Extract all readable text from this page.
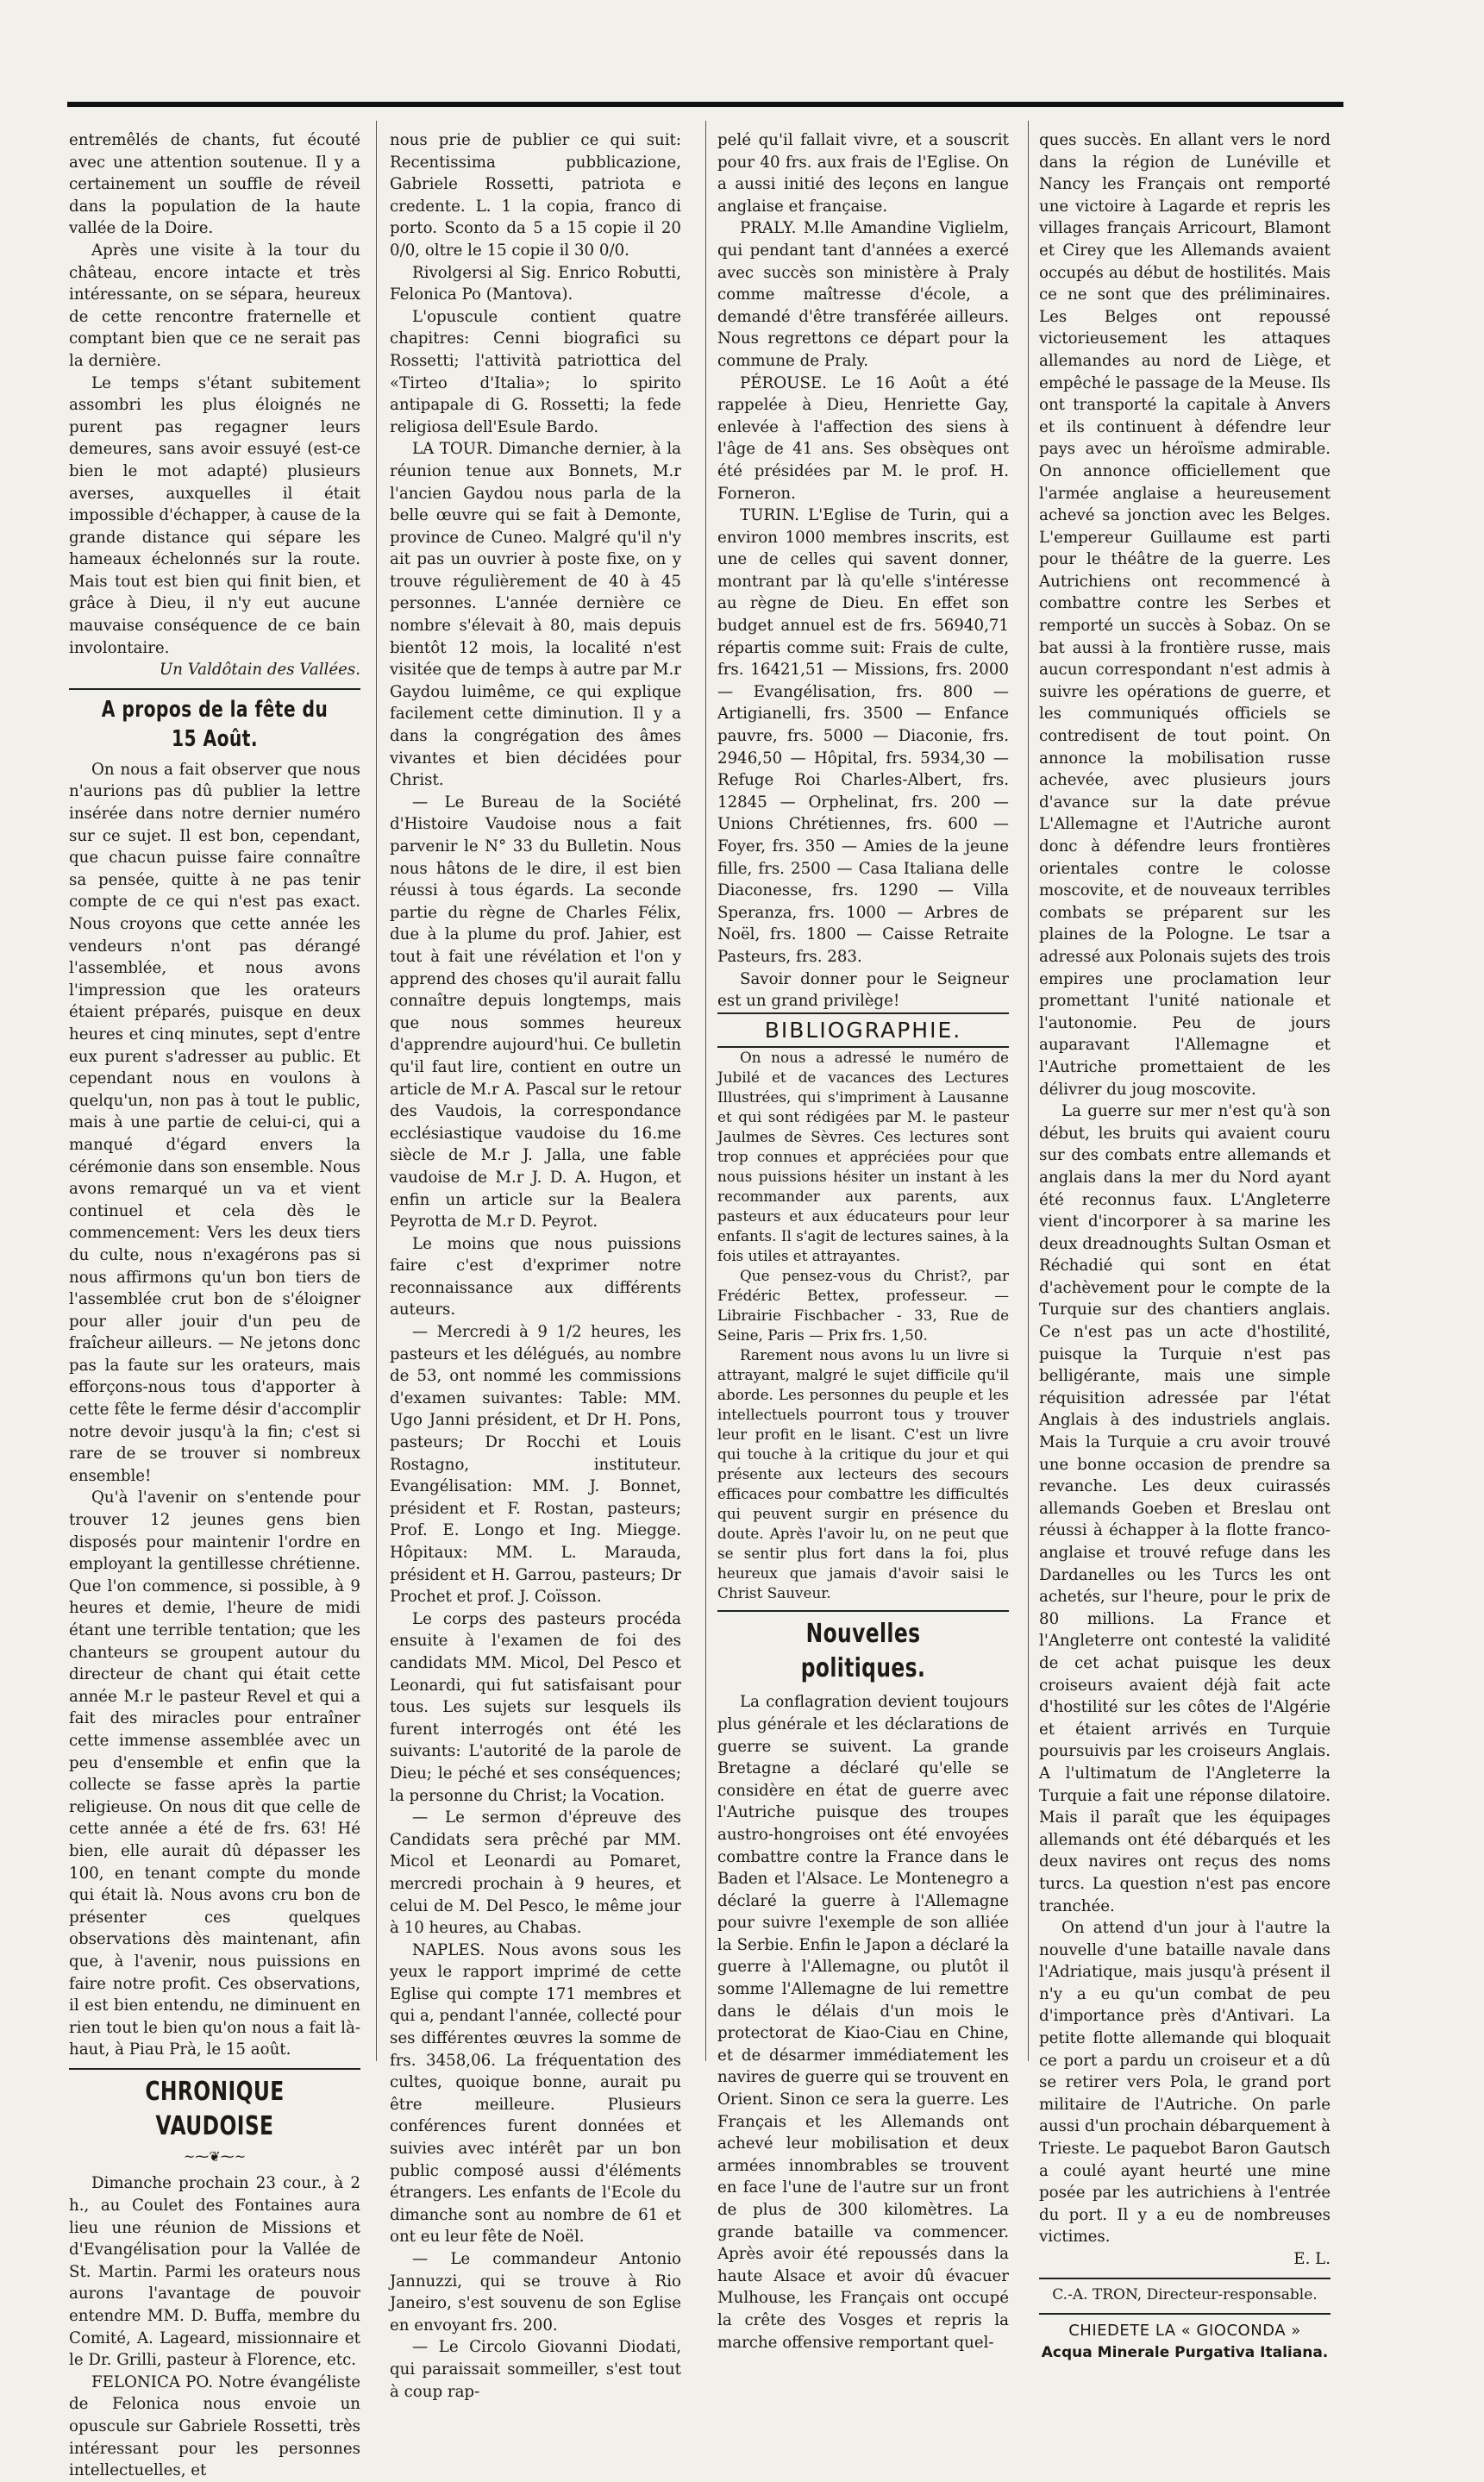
entremêlés de chants, fut écouté avec une attention soutenue. Il y a certainement un souffle de réveil dans la population de la haute vallée de la Doire.

Après une visite à la tour du château, encore intacte et très intéressante, on se sépara, heureux de cette rencontre fraternelle et comptant bien que ce ne serait pas la dernière.

Le temps s'étant subitement assombri les plus éloignés ne purent pas regagner leurs demeures, sans avoir essuyé (est-ce bien le mot adapté) plusieurs averses, auxquelles il était impossible d'échapper, à cause de la grande distance qui sépare les hameaux échelonnés sur la route. Mais tout est bien qui finit bien, et grâce à Dieu, il n'y eut aucune mauvaise conséquence de ce bain involontaire.

Un Valdôtain des Vallées.

A propos de la fête du 15 Août.

On nous a fait observer que nous n'aurions pas dû publier la lettre insérée dans notre dernier numéro sur ce sujet. Il est bon, cependant, que chacun puisse faire connaître sa pensée, quitte à ne pas tenir compte de ce qui n'est pas exact. Nous croyons que cette année les vendeurs n'ont pas dérangé l'assemblée, et nous avons l'impression que les orateurs étaient préparés, puisque en deux heures et cinq minutes, sept d'entre eux purent s'adresser au public. Et cependant nous en voulons à quelqu'un, non pas à tout le public, mais à une partie de celui-ci, qui a manqué d'égard envers la cérémonie dans son ensemble. Nous avons remarqué un va et vient continuel et cela dès le commencement: Vers les deux tiers du culte, nous n'exagérons pas si nous affirmons qu'un bon tiers de l'assemblée crut bon de s'éloigner pour aller jouir d'un peu de fraîcheur ailleurs. — Ne jetons donc pas la faute sur les orateurs, mais efforçons-nous tous d'apporter à cette fête le ferme désir d'accomplir notre devoir jusqu'à la fin; c'est si rare de se trouver si nombreux ensemble!

Qu'à l'avenir on s'entende pour trouver 12 jeunes gens bien disposés pour maintenir l'ordre en employant la gentillesse chrétienne. Que l'on commence, si possible, à 9 heures et demie, l'heure de midi étant une terrible tentation; que les chanteurs se groupent autour du directeur de chant qui était cette année M.r le pasteur Revel et qui a fait des miracles pour entraîner cette immense assemblée avec un peu d'ensemble et enfin que la collecte se fasse après la partie religieuse. On nous dit que celle de cette année a été de frs. 63! Hé bien, elle aurait dû dépasser les 100, en tenant compte du monde qui était là. Nous avons cru bon de présenter ces quelques observations dès maintenant, afin que, à l'avenir, nous puissions en faire notre profit. Ces observations, il est bien entendu, ne diminuent en rien tout le bien qu'on nous a fait là-haut, à Piau Prà, le 15 août.

CHRONIQUE VAUDOISE
~⁓❦⁓~

Dimanche prochain 23 cour., à 2 h., au Coulet des Fontaines aura lieu une réunion de Missions et d'Evangélisation pour la Vallée de St. Martin. Parmi les orateurs nous aurons l'avantage de pouvoir entendre MM. D. Buffa, membre du Comité, A. Lageard, missionnaire et le Dr. Grilli, pasteur à Florence, etc.

FELONICA PO. Notre évangéliste de Felonica nous envoie un opuscule sur Gabriele Rossetti, très intéressant pour les personnes intellectuelles, et

nous prie de publier ce qui suit: Recentissima pubblicazione, Gabriele Rossetti, patriota e credente. L. 1 la copia, franco di porto. Sconto da 5 a 15 copie il 20 0/0, oltre le 15 copie il 30 0/0.

Rivolgersi al Sig. Enrico Robutti, Felonica Po (Mantova).

L'opuscule contient quatre chapitres: Cenni biografici su Rossetti; l'attività patriottica del «Tirteo d'Italia»; lo spirito antipapale di G. Rossetti; la fede religiosa dell'Esule Bardo.

LA TOUR. Dimanche dernier, à la réunion tenue aux Bonnets, M.r l'ancien Gaydou nous parla de la belle œuvre qui se fait à Demonte, province de Cuneo. Malgré qu'il n'y ait pas un ouvrier à poste fixe, on y trouve régulièrement de 40 à 45 personnes. L'année dernière ce nombre s'élevait à 80, mais depuis bientôt 12 mois, la localité n'est visitée que de temps à autre par M.r Gaydou luimême, ce qui explique facilement cette diminution. Il y a dans la congrégation des âmes vivantes et bien décidées pour Christ.

— Le Bureau de la Société d'Histoire Vaudoise nous a fait parvenir le N° 33 du Bulletin. Nous nous hâtons de le dire, il est bien réussi à tous égards. La seconde partie du règne de Charles Félix, due à la plume du prof. Jahier, est tout à fait une révélation et l'on y apprend des choses qu'il aurait fallu connaître depuis longtemps, mais que nous sommes heureux d'apprendre aujourd'hui. Ce bulletin qu'il faut lire, contient en outre un article de M.r A. Pascal sur le retour des Vaudois, la correspondance ecclésiastique vaudoise du 16.me siècle de M.r J. Jalla, une fable vaudoise de M.r J. D. A. Hugon, et enfin un article sur la Bealera Peyrotta de M.r D. Peyrot.

Le moins que nous puissions faire c'est d'exprimer notre reconnaissance aux différents auteurs.

— Mercredi à 9 1/2 heures, les pasteurs et les délégués, au nombre de 53, ont nommé les commissions d'examen suivantes: Table: MM. Ugo Janni président, et Dr H. Pons, pasteurs; Dr Rocchi et Louis Rostagno, instituteur. Evangélisation: MM. J. Bonnet, président et F. Rostan, pasteurs; Prof. E. Longo et Ing. Miegge. Hôpitaux: MM. L. Marauda, président et H. Garrou, pasteurs; Dr Prochet et prof. J. Coïsson.

Le corps des pasteurs procéda ensuite à l'examen de foi des candidats MM. Micol, Del Pesco et Leonardi, qui fut satisfaisant pour tous. Les sujets sur lesquels ils furent interrogés ont été les suivants: L'autorité de la parole de Dieu; le péché et ses conséquences; la personne du Christ; la Vocation.

— Le sermon d'épreuve des Candidats sera prêché par MM. Micol et Leonardi au Pomaret, mercredi prochain à 9 heures, et celui de M. Del Pesco, le même jour à 10 heures, au Chabas.

NAPLES. Nous avons sous les yeux le rapport imprimé de cette Eglise qui compte 171 membres et qui a, pendant l'année, collecté pour ses différentes œuvres la somme de frs. 3458,06. La fréquentation des cultes, quoique bonne, aurait pu être meilleure. Plusieurs conférences furent données et suivies avec intérêt par un bon public composé aussi d'éléments étrangers. Les enfants de l'Ecole du dimanche sont au nombre de 61 et ont eu leur fête de Noël.

— Le commandeur Antonio Jannuzzi, qui se trouve à Rio Janeiro, s'est souvenu de son Eglise en envoyant frs. 200.

— Le Circolo Giovanni Diodati, qui paraissait sommeiller, s'est tout à coup rap-

pelé qu'il fallait vivre, et a souscrit pour 40 frs. aux frais de l'Eglise. On a aussi initié des leçons en langue anglaise et française.

PRALY. M.lle Amandine Viglielm, qui pendant tant d'années a exercé avec succès son ministère à Praly comme maîtresse d'école, a demandé d'être transférée ailleurs. Nous regrettons ce départ pour la commune de Praly.

PÉROUSE. Le 16 Août a été rappelée à Dieu, Henriette Gay, enlevée à l'affection des siens à l'âge de 41 ans. Ses obsèques ont été présidées par M. le prof. H. Forneron.

TURIN. L'Eglise de Turin, qui a environ 1000 membres inscrits, est une de celles qui savent donner, montrant par là qu'elle s'intéresse au règne de Dieu. En effet son budget annuel est de frs. 56940,71 répartis comme suit: Frais de culte, frs. 16421,51 — Missions, frs. 2000 — Evangélisation, frs. 800 — Artigianelli, frs. 3500 — Enfance pauvre, frs. 5000 — Diaconie, frs. 2946,50 — Hôpital, frs. 5934,30 — Refuge Roi Charles-Albert, frs. 12845 — Orphelinat, frs. 200 — Unions Chrétiennes, frs. 600 — Foyer, frs. 350 — Amies de la jeune fille, frs. 2500 — Casa Italiana delle Diaconesse, frs. 1290 — Villa Speranza, frs. 1000 — Arbres de Noël, frs. 1800 — Caisse Retraite Pasteurs, frs. 283.

Savoir donner pour le Seigneur est un grand privilège!

BIBLIOGRAPHIE.

On nous a adressé le numéro de Jubilé et de vacances des Lectures Illustrées, qui s'impriment à Lausanne et qui sont rédigées par M. le pasteur Jaulmes de Sèvres. Ces lectures sont trop connues et appréciées pour que nous puissions hésiter un instant à les recommander aux parents, aux pasteurs et aux éducateurs pour leur enfants. Il s'agit de lectures saines, à la fois utiles et attrayantes.

Que pensez-vous du Christ?, par Frédéric Bettex, professeur. — Librairie Fischbacher - 33, Rue de Seine, Paris — Prix frs. 1,50.

Rarement nous avons lu un livre si attrayant, malgré le sujet difficile qu'il aborde. Les personnes du peuple et les intellectuels pourront tous y trouver leur profit en le lisant. C'est un livre qui touche à la critique du jour et qui présente aux lecteurs des secours efficaces pour combattre les difficultés qui peuvent surgir en présence du doute. Après l'avoir lu, on ne peut que se sentir plus fort dans la foi, plus heureux que jamais d'avoir saisi le Christ Sauveur.

Nouvelles politiques.

La conflagration devient toujours plus générale et les déclarations de guerre se suivent. La grande Bretagne a déclaré qu'elle se considère en état de guerre avec l'Autriche puisque des troupes austro-hongroises ont été envoyées combattre contre la France dans le Baden et l'Alsace. Le Montenegro a déclaré la guerre à l'Allemagne pour suivre l'exemple de son alliée la Serbie. Enfin le Japon a déclaré la guerre à l'Allemagne, ou plutôt il somme l'Allemagne de lui remettre dans le délais d'un mois le protectorat de Kiao-Ciau en Chine, et de désarmer immédiatement les navires de guerre qui se trouvent en Orient. Sinon ce sera la guerre. Les Français et les Allemands ont achevé leur mobilisation et deux armées innombrables se trouvent en face l'une de l'autre sur un front de plus de 300 kilomètres. La grande bataille va commencer. Après avoir été repoussés dans la haute Alsace et avoir dû évacuer Mulhouse, les Français ont occupé la crête des Vosges et repris la marche offensive remportant quel-

ques succès. En allant vers le nord dans la région de Lunéville et Nancy les Français ont remporté une victoire à Lagarde et repris les villages français Arricourt, Blamont et Cirey que les Allemands avaient occupés au début de hostilités. Mais ce ne sont que des préliminaires. Les Belges ont repoussé victorieusement les attaques allemandes au nord de Liège, et empêché le passage de la Meuse. Ils ont transporté la capitale à Anvers et ils continuent à défendre leur pays avec un héroïsme admirable. On annonce officiellement que l'armée anglaise a heureusement achevé sa jonction avec les Belges. L'empereur Guillaume est parti pour le théâtre de la guerre. Les Autrichiens ont recommencé à combattre contre les Serbes et remporté un succès à Sobaz. On se bat aussi à la frontière russe, mais aucun correspondant n'est admis à suivre les opérations de guerre, et les communiqués officiels se contredisent de tout point. On annonce la mobilisation russe achevée, avec plusieurs jours d'avance sur la date prévue L'Allemagne et l'Autriche auront donc à défendre leurs frontières orientales contre le colosse moscovite, et de nouveaux terribles combats se préparent sur les plaines de la Pologne. Le tsar a adressé aux Polonais sujets des trois empires une proclamation leur promettant l'unité nationale et l'autonomie. Peu de jours auparavant l'Allemagne et l'Autriche promettaient de les délivrer du joug moscovite.

La guerre sur mer n'est qu'à son début, les bruits qui avaient couru sur des combats entre allemands et anglais dans la mer du Nord ayant été reconnus faux. L'Angleterre vient d'incorporer à sa marine les deux dreadnoughts Sultan Osman et Réchadié qui sont en état d'achèvement pour le compte de la Turquie sur des chantiers anglais. Ce n'est pas un acte d'hostilité, puisque la Turquie n'est pas belligérante, mais une simple réquisition adressée par l'état Anglais à des industriels anglais. Mais la Turquie a cru avoir trouvé une bonne occasion de prendre sa revanche. Les deux cuirassés allemands Goeben et Breslau ont réussi à échapper à la flotte franco-anglaise et trouvé refuge dans les Dardanelles ou les Turcs les ont achetés, sur l'heure, pour le prix de 80 millions. La France et l'Angleterre ont contesté la validité de cet achat puisque les deux croiseurs avaient déjà fait acte d'hostilité sur les côtes de l'Algérie et étaient arrivés en Turquie poursuivis par les croiseurs Anglais. A l'ultimatum de l'Angleterre la Turquie a fait une réponse dilatoire. Mais il paraît que les équipages allemands ont été débarqués et les deux navires ont reçus des noms turcs. La question n'est pas encore tranchée.

On attend d'un jour à l'autre la nouvelle d'une bataille navale dans l'Adriatique, mais jusqu'à présent il n'y a eu qu'un combat de peu d'importance près d'Antivari. La petite flotte allemande qui bloquait ce port a pardu un croiseur et a dû se retirer vers Pola, le grand port militaire de l'Autriche. On parle aussi d'un prochain débarquement à Trieste. Le paquebot Baron Gautsch a coulé ayant heurté une mine posée par les autrichiens à l'entrée du port. Il y a eu de nombreuses victimes.

E. L.

C.-A. TRON, Directeur-responsable.

CHIEDETE LA « GIOCONDA »
Acqua Minerale Purgativa Italiana.
